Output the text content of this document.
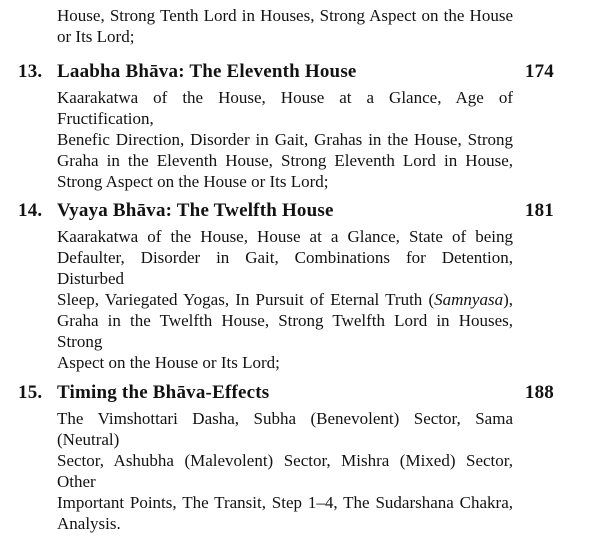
House, Strong Tenth Lord in Houses, Strong Aspect on the House
or Its Lord;
13. Laabha Bhāva: The Eleventh House	174
Kaarakatwa of the House, House at a Glance, Age of Fructification,
Benefic Direction, Disorder in Gait, Grahas in the House, Strong
Graha in the Eleventh House, Strong Eleventh Lord in House,
Strong Aspect on the House or Its Lord;
14. Vyaya Bhāva: The Twelfth House	181
Kaarakatwa of the House, House at a Glance, State of being
Defaulter, Disorder in Gait, Combinations for Detention, Disturbed
Sleep, Variegated Yogas, In Pursuit of Eternal Truth (Samnyasa),
Graha in the Twelfth House, Strong Twelfth Lord in Houses, Strong
Aspect on the House or Its Lord;
15. Timing the Bhāva-Effects	188
The Vimshottari Dasha, Subha (Benevolent) Sector, Sama (Neutral)
Sector, Ashubha (Malevolent) Sector, Mishra (Mixed) Sector, Other
Important Points, The Transit, Step 1–4, The Sudarshana Chakra,
Analysis.
